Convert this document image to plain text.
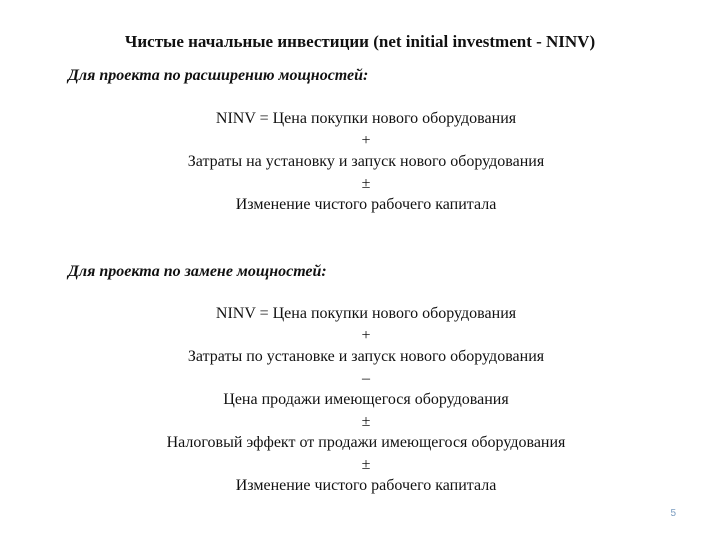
Чистые начальные инвестиции (net initial investment - NINV)
Для проекта по расширению мощностей:
NINV = Цена покупки нового оборудования
+
Затраты на установку и запуск нового оборудования
±
Изменение чистого рабочего капитала
Для проекта по замене мощностей:
NINV = Цена покупки нового оборудования
+
Затраты по установке и запуск нового оборудования
–
Цена продажи имеющегося оборудования
±
Налоговый эффект от продажи имеющегося оборудования
±
Изменение чистого рабочего капитала
5
